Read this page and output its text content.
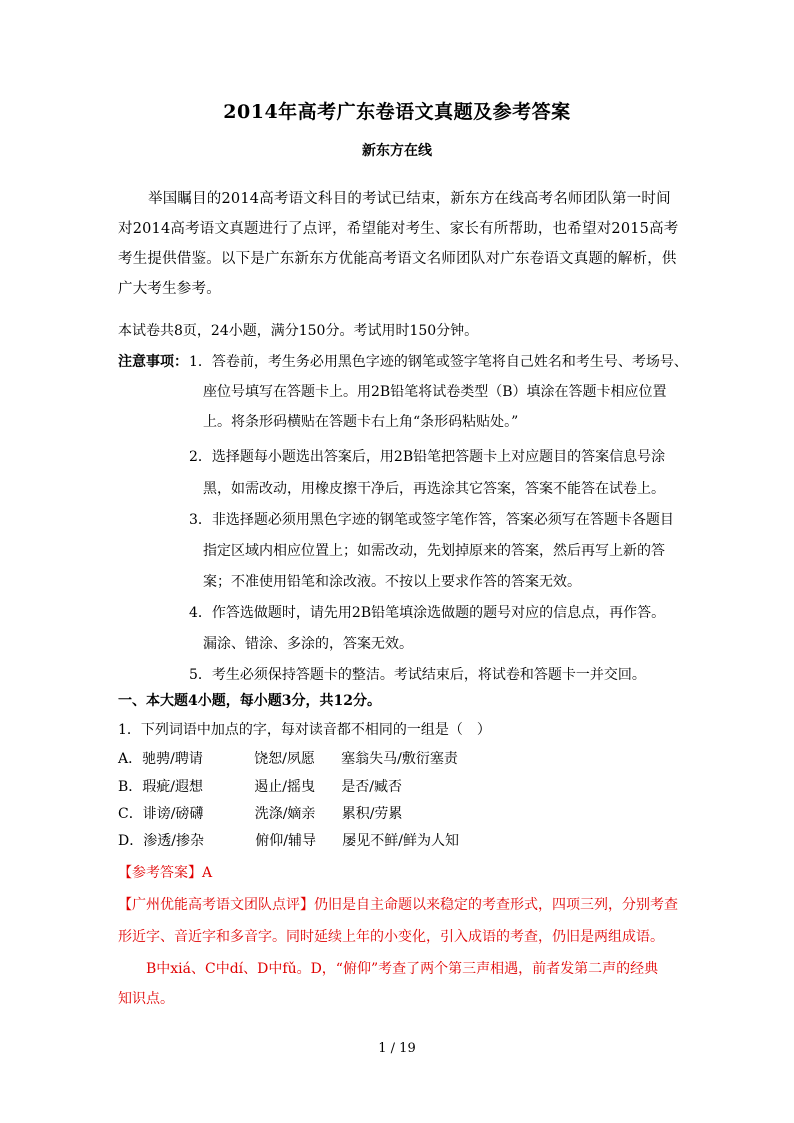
2014年高考广东卷语文真题及参考答案
新东方在线

举国瞩目的2014高考语文科目的考试已结束，新东方在线高考名师团队第一时间对2014高考语文真题进行了点评，希望能对考生、家长有所帮助，也希望对2015高考考生提供借鉴。以下是广东新东方优能高考语文名师团队对广东卷语文真题的解析，供广大考生参考。

本试卷共8页，24小题，满分150分。考试用时150分钟。
注意事项： 1．答卷前，考生务必用黑色字迹的钢笔或签字笔将自己姓名和考生号、考场号、
座位号填写在答题卡上。用2B铅笔将试卷类型（B）填涂在答题卡相应位置
上。将条形码横贴在答题卡右上角“条形码粘贴处。”
2．选择题每小题选出答案后，用2B铅笔把答题卡上对应题目的答案信息号涂
黑，如需改动，用橡皮擦干净后，再选涂其它答案，答案不能答在试卷上。
3．非选择题必须用黑色字迹的钢笔或签字笔作答，答案必须写在答题卡各题目
指定区域内相应位置上；如需改动，先划掉原来的答案，然后再写上新的答
案；不准使用铅笔和涂改液。不按以上要求作答的答案无效。
4．作答选做题时，请先用2B铅笔填涂选做题的题号对应的信息点，再作答。
漏涂、错涂、多涂的，答案无效。
5．考生必须保持答题卡的整洁。考试结束后，将试卷和答题卡一并交回。
一、本大题4小题，每小题3分，共12分。
1．下列词语中加点的字，每对读音都不相同的一组是（　）
A．驰骋/聘请	饶恕/夙愿 塞翁失马/敷衍塞责
B．瑕疵/遐想	遏止/摇曳 是否/臧否
C．诽谤/磅礴	洗涤/嫡亲 累积/劳累
D．渗透/掺杂	俯仰/辅导 屡见不鲜/鲜为人知
【参考答案】A
【广州优能高考语文团队点评】仍旧是自主命题以来稳定的考查形式，四项三列，分别考查
形近字、音近字和多音字。同时延续上年的小变化，引入成语的考查，仍旧是两组成语。
B中xiá、C中dí、D中fǔ。D，“俯仰”考查了两个第三声相遇，前者发第二声的经典
知识点。
1 / 19
